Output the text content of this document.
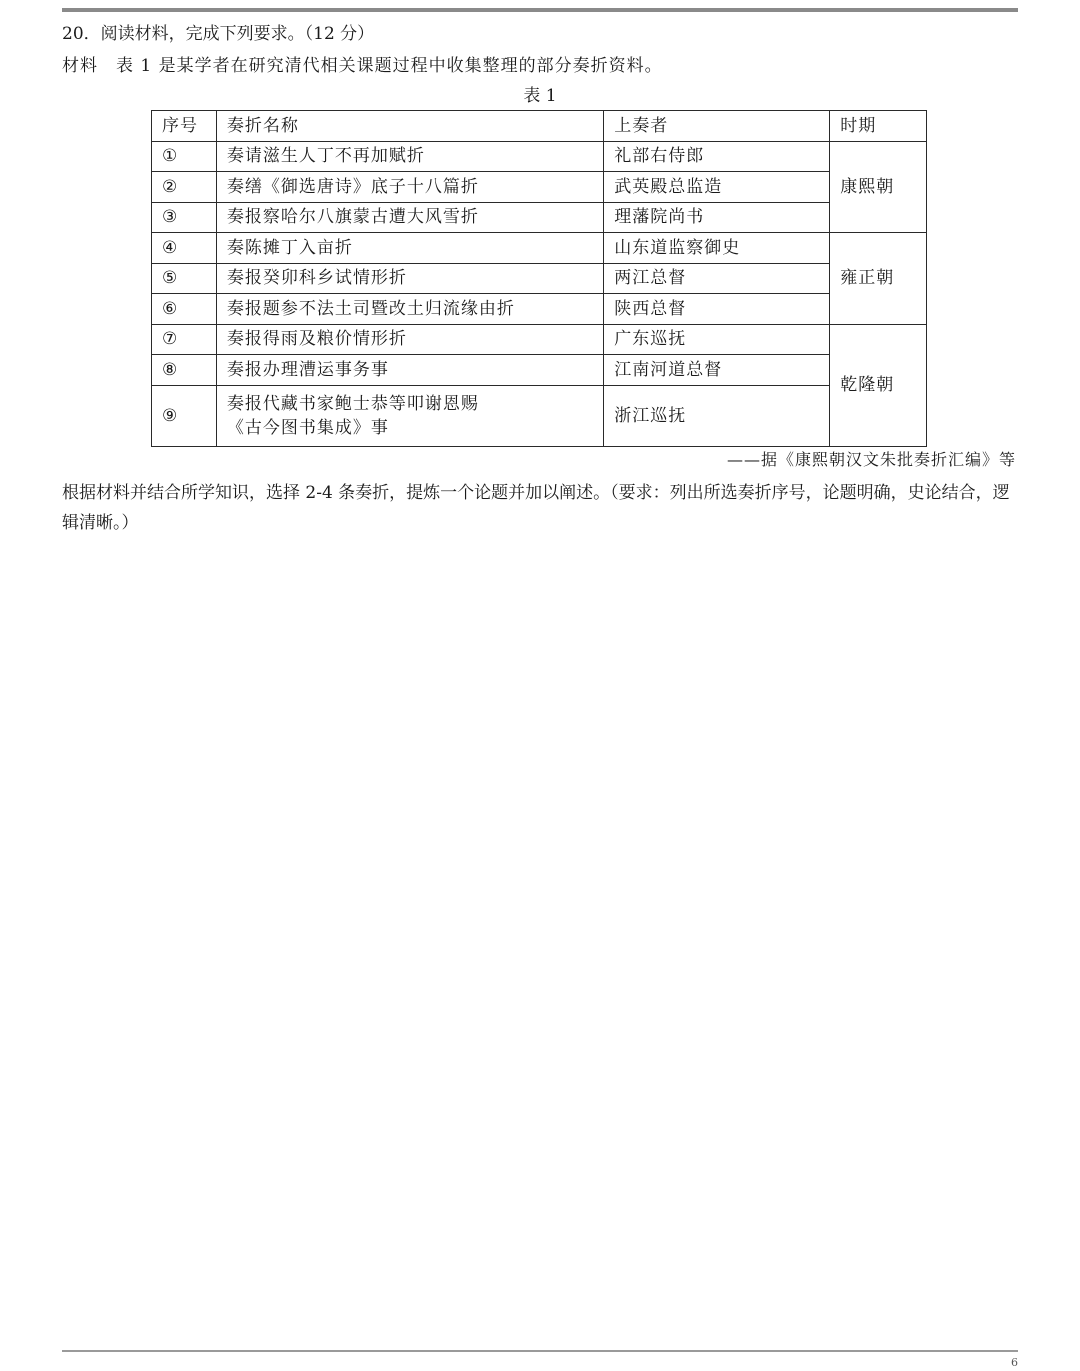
20．阅读材料，完成下列要求。（12 分）
材料　表 1 是某学者在研究清代相关课题过程中收集整理的部分奏折资料。
表 1
序号	奏折名称	上奏者	时期
①	奏请滋生人丁不再加赋折	礼部右侍郎	康熙朝
②	奏缮《御选唐诗》底子十八篇折	武英殿总监造	
③	奏报察哈尔八旗蒙古遭大风雪折	理藩院尚书	
④	奏陈摊丁入亩折	山东道监察御史	雍正朝
⑤	奏报癸卯科乡试情形折	两江总督	
⑥	奏报题参不法土司暨改土归流缘由折	陕西总督	
⑦	奏报得雨及粮价情形折	广东巡抚	乾隆朝
⑧	奏报办理漕运事务事	江南河道总督	
⑨	奏报代藏书家鲍士恭等叩谢恩赐
《古今图书集成》事	浙江巡抚	
——据《康熙朝汉文朱批奏折汇编》等
根据材料并结合所学知识，选择 2-4 条奏折，提炼一个论题并加以阐述。（要求：列出所选奏折序号，论题明确，史论结合，逻辑清晰。）
6
